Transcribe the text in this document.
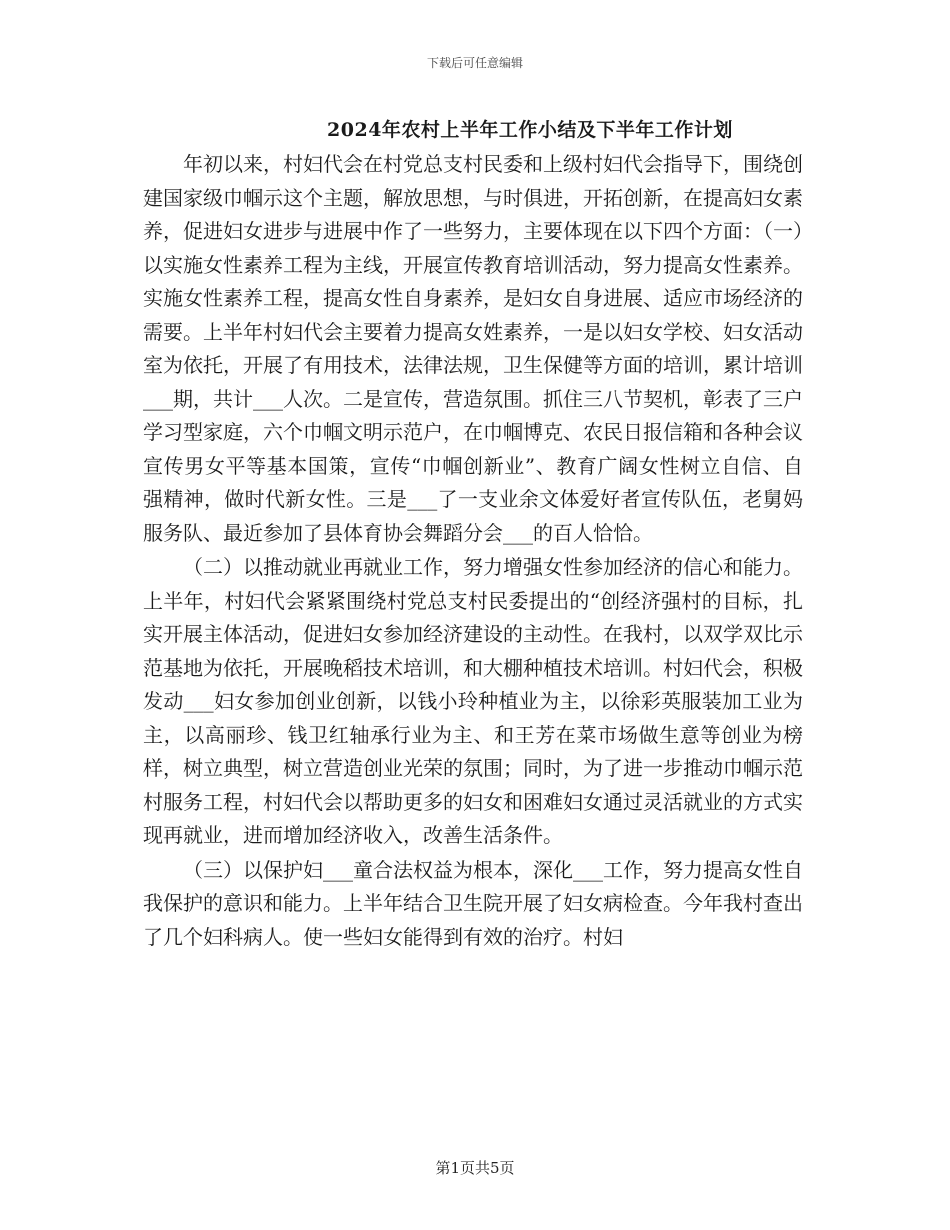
下载后可任意编辑
2024年农村上半年工作小结及下半年工作计划

年初以来，村妇代会在村党总支村民委和上级村妇代会指导下，围绕创建国家级巾帼示这个主题，解放思想，与时俱进，开拓创新，在提高妇女素养，促进妇女进步与进展中作了一些努力，主要体现在以下四个方面：（一）以实施女性素养工程为主线，开展宣传教育培训活动，努力提高女性素养。实施女性素养工程，提高女性自身素养，是妇女自身进展、适应市场经济的需要。上半年村妇代会主要着力提高女姓素养，一是以妇女学校、妇女活动室为依托，开展了有用技术，法律法规，卫生保健等方面的培训，累计培训___期，共计___人次。二是宣传，营造氛围。抓住三八节契机，彰表了三户学习型家庭，六个巾帼文明示范户，在巾帼博克、农民日报信箱和各种会议宣传男女平等基本国策，宣传“巾帼创新业”、教育广阔女性树立自信、自强精神，做时代新女性。三是___了一支业余文体爱好者宣传队伍，老舅妈服务队、最近参加了县体育协会舞蹈分会___的百人恰恰。

（二）以推动就业再就业工作，努力增强女性参加经济的信心和能力。上半年，村妇代会紧紧围绕村党总支村民委提出的“创经济强村的目标，扎实开展主体活动，促进妇女参加经济建设的主动性。在我村，以双学双比示范基地为依托，开展晚稻技术培训，和大棚种植技术培训。村妇代会，积极发动___妇女参加创业创新，以钱小玲种植业为主，以徐彩英服装加工业为主，以高丽珍、钱卫红轴承行业为主、和王芳在菜市场做生意等创业为榜样，树立典型，树立营造创业光荣的氛围；同时，为了进一步推动巾帼示范村服务工程，村妇代会以帮助更多的妇女和困难妇女通过灵活就业的方式实现再就业，进而增加经济收入，改善生活条件。

（三）以保护妇___童合法权益为根本，深化___工作，努力提高女性自我保护的意识和能力。上半年结合卫生院开展了妇女病检查。今年我村查出了几个妇科病人。使一些妇女能得到有效的治疗。村妇

第1页共5页
